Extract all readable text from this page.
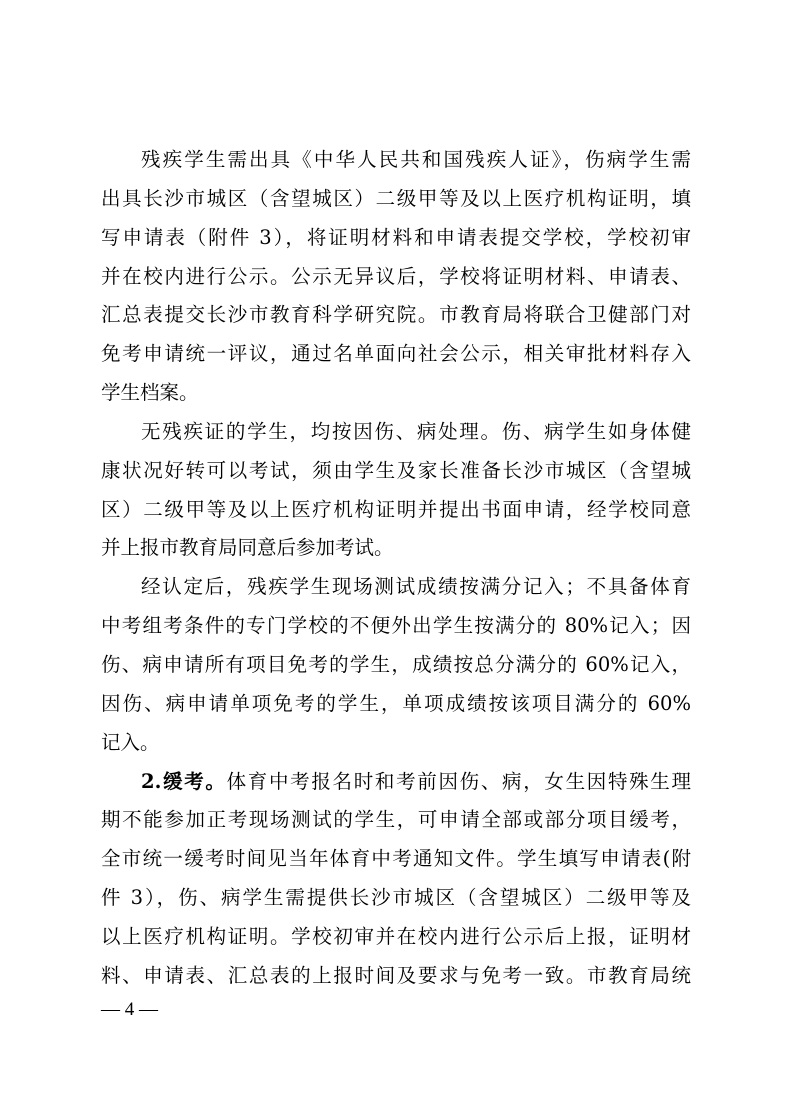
残疾学生需出具《中华人民共和国残疾人证》，伤病学生需
出具长沙市城区（含望城区）二级甲等及以上医疗机构证明，填
写申请表（附件 3），将证明材料和申请表提交学校，学校初审
并在校内进行公示。公示无异议后，学校将证明材料、申请表、
汇总表提交长沙市教育科学研究院。市教育局将联合卫健部门对
免考申请统一评议，通过名单面向社会公示，相关审批材料存入
学生档案。
无残疾证的学生，均按因伤、病处理。伤、病学生如身体健
康状况好转可以考试，须由学生及家长准备长沙市城区（含望城
区）二级甲等及以上医疗机构证明并提出书面申请，经学校同意
并上报市教育局同意后参加考试。
经认定后，残疾学生现场测试成绩按满分记入；不具备体育
中考组考条件的专门学校的不便外出学生按满分的 80%记入；因
伤、病申请所有项目免考的学生，成绩按总分满分的 60%记入，
因伤、病申请单项免考的学生，单项成绩按该项目满分的 60%
记入。
2.缓考。体育中考报名时和考前因伤、病，女生因特殊生理
期不能参加正考现场测试的学生，可申请全部或部分项目缓考，
全市统一缓考时间见当年体育中考通知文件。学生填写申请表(附
件 3），伤、病学生需提供长沙市城区（含望城区）二级甲等及
以上医疗机构证明。学校初审并在校内进行公示后上报，证明材
料、申请表、汇总表的上报时间及要求与免考一致。市教育局统
— 4 —
